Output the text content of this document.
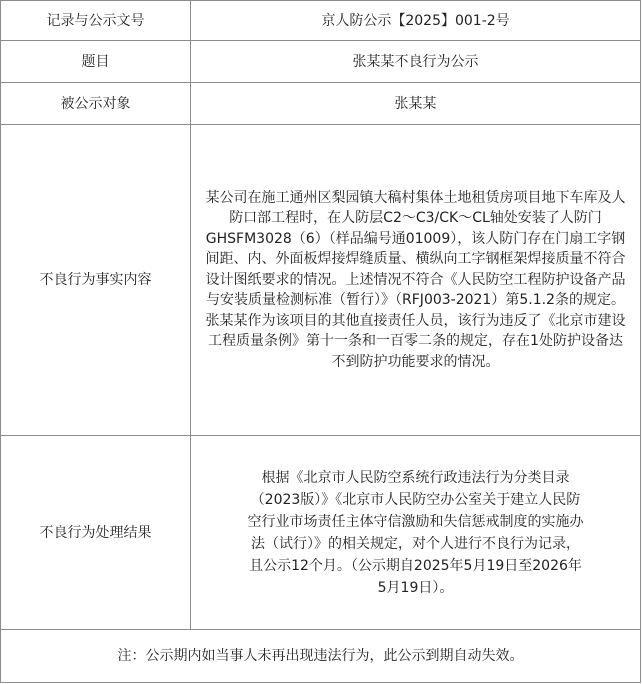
记录与公示文号	京人防公示【2025】001-2号
题目	张某某不良行为公示
被公示对象	张某某
不良行为事实内容	某公司在施工通州区梨园镇大稿村集体土地租赁房项目地下车库及人防口部工程时，在人防层C2～C3/CK～CL轴处安装了人防门GHSFM3028（6）（样品编号通01009），该人防门存在门扇工字钢间距、内、外面板焊接焊缝质量、横纵向工字钢框架焊接质量不符合设计图纸要求的情况。上述情况不符合《人民防空工程防护设备产品与安装质量检测标准（暂行）》（RFJ003-2021）第5.1.2条的规定。张某某作为该项目的其他直接责任人员，该行为违反了《北京市建设工程质量条例》第十一条和一百零二条的规定，存在1处防护设备达不到防护功能要求的情况。

不良行为处理结果	根据《北京市人民防空系统行政违法行为分类目录（2023版）》《北京市人民防空办公室关于建立人民防空行业市场责任主体守信激励和失信惩戒制度的实施办法（试行）》的相关规定，对个人进行不良行为记录，且公示12个月。（公示期自2025年5月19日至2026年5月19日）。

注：公示期内如当事人未再出现违法行为，此公示到期自动失效。	
